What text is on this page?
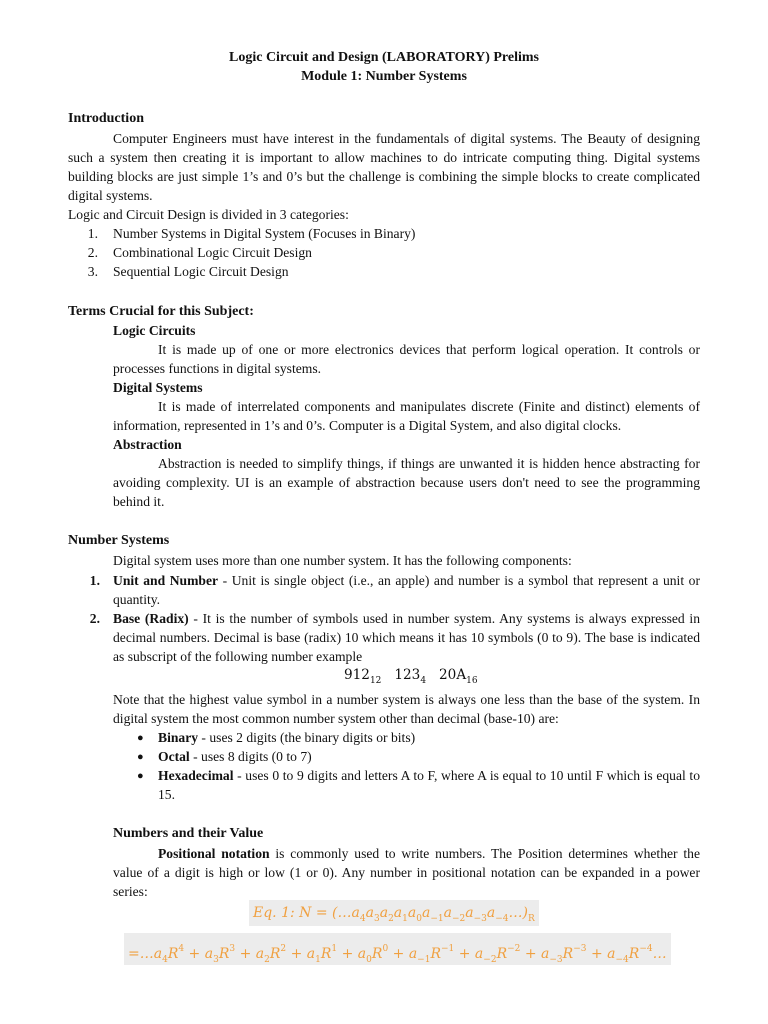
Logic Circuit and Design (LABORATORY) Prelims
Module 1: Number Systems
Introduction
Computer Engineers must have interest in the fundamentals of digital systems. The Beauty of designing such a system then creating it is important to allow machines to do intricate computing thing. Digital systems building blocks are just simple 1’s and 0’s but the challenge is combining the simple blocks to create complicated digital systems.
Logic and Circuit Design is divided in 3 categories:
1. Number Systems in Digital System (Focuses in Binary)
2. Combinational Logic Circuit Design
3. Sequential Logic Circuit Design
Terms Crucial for this Subject:
Logic Circuits
It is made up of one or more electronics devices that perform logical operation. It controls or processes functions in digital systems.
Digital Systems
It is made of interrelated components and manipulates discrete (Finite and distinct) elements of information, represented in 1’s and 0’s. Computer is a Digital System, and also digital clocks.
Abstraction
Abstraction is needed to simplify things, if things are unwanted it is hidden hence abstracting for avoiding complexity. UI is an example of abstraction because users don't need to see the programming behind it.
Number Systems
Digital system uses more than one number system. It has the following components:
1. Unit and Number - Unit is single object (i.e., an apple) and number is a symbol that represent a unit or quantity.
2. Base (Radix) - It is the number of symbols used in number system. Any systems is always expressed in decimal numbers. Decimal is base (radix) 10 which means it has 10 symbols (0 to 9). The base is indicated as subscript of the following number example
$912_{12}$ $123_4$ $20A_{16}$
Note that the highest value symbol in a number system is always one less than the base of the system. In digital system the most common number system other than decimal (base-10) are:
● Binary - uses 2 digits (the binary digits or bits)
● Octal - uses 8 digits (0 to 7)
● Hexadecimal - uses 0 to 9 digits and letters A to F, where A is equal to 10 until F which is equal to 15.
Numbers and their Value
Positional notation is commonly used to write numbers. The Position determines whether the value of a digit is high or low (1 or 0). Any number in positional notation can be expanded in a power series:
Eq. 1: $N = (\dots a_4a_3a_2a_1a_0a_{-1}a_{-2}a_{-3}a_{-4}\dots)_R$
$=\dots a_4R^4 + a_3R^3 + a_2R^2 + a_1R^1 + a_0R^0 + a_{-1}R^{-1} + a_{-2}R^{-2} + a_{-3}R^{-3}$ + $a_{-4}R^{-4}\dots$
